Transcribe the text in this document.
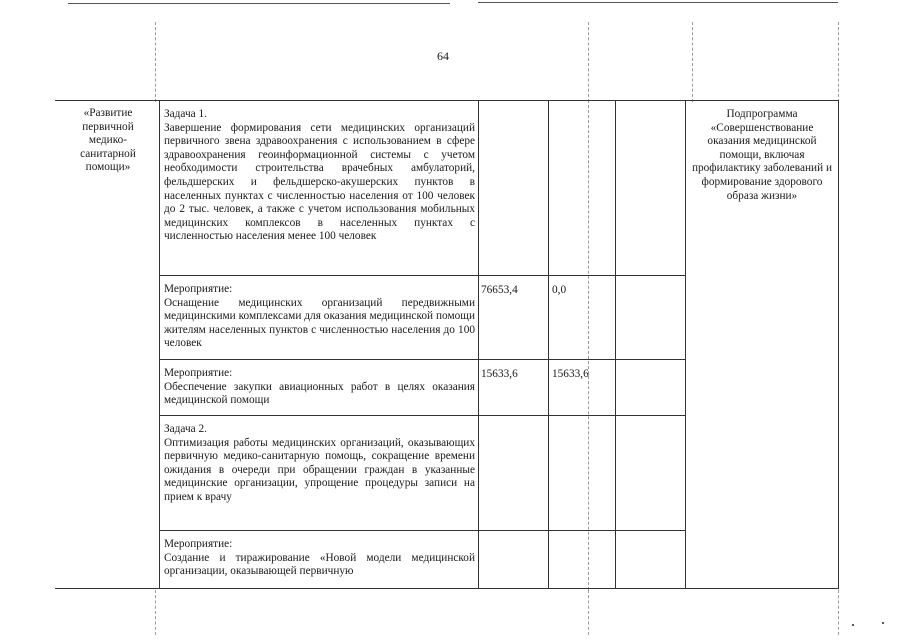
64
«Развитие первичной медико-санитарной помощи»
Подпрограмма «Совершенствование оказания медицинской помощи, включая профилактику заболеваний и формирование здорового образа жизни»
Задача 1.
Завершение формирования сети медицинских организаций первичного звена здравоохранения с использованием в сфере здравоохранения геоинформационной системы с учетом необходимости строительства врачебных амбулаторий, фельдшерских и фельдшерско-акушерских пунктов в населенных пунктах с численностью населения от 100 человек до 2 тыс. человек, а также с учетом использования мобильных медицинских комплексов в населенных пунктах с численностью населения менее 100 человек
Мероприятие:
Оснащение медицинских организаций передвижными медицинскими комплексами для оказания медицинской помощи жителям населенных пунктов с численностью населения до 100 человек
76653,4	0,0
Мероприятие:
Обеспечение закупки авиационных работ в целях оказания медицинской помощи
15633,6	15633,6
Задача 2.
Оптимизация работы медицинских организаций, оказывающих первичную медико-санитарную помощь, сокращение времени ожидания в очереди при обращении граждан в указанные медицинские организации, упрощение процедуры записи на прием к врачу
Мероприятие:
Создание и тиражирование «Новой модели медицинской организации, оказывающей первичную
